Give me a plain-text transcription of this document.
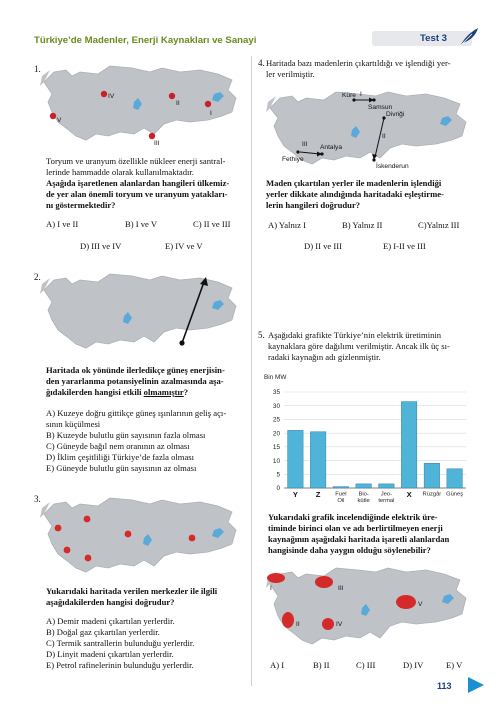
Türkiye’de Madenler, Enerji Kaynakları ve Sanayi	Test 3
1.
IV
II
I
V
III
Toryum ve uranyum özellikle nükleer enerji santral-
lerinde hammadde olarak kullanılmaktadır.
Aşağıda işaretlenen alanlardan hangileri ülkemiz-
de yer alan önemli toryum ve uranyum yatakları-
nı göstermektedir?
A) I ve II	B) I ve V	C) II ve III
D) III ve IV	E) IV ve V
2.
Haritada ok yönünde ilerledikçe güneş enerjisin-
den yararlanma potansiyelinin azalmasında aşa-
ğıdakilerden hangisi etkili olmamıştır?
A) Kuzeye doğru gittikçe güneş ışınlarının geliş açı-
sının küçülmesi
B) Kuzeyde bulutlu gün sayısının fazla olması
C) Güneyde bağıl nem oranının az olması
D) İklim çeşitliliği Türkiye’de fazla olması
E) Güneyde bulutlu gün sayısının az olması
3.
Yukarıdaki haritada verilen merkezler ile ilgili
aşağıdakilerden hangisi doğrudur?
A) Demir madeni çıkartılan yerlerdir.
B) Doğal gaz çıkartılan yerlerdir.
C) Termik santrallerin bulunduğu yerlerdir.
D) Linyit madeni çıkartılan yerlerdir.
E) Petrol rafinelerinin bulunduğu yerlerdir.
4. Haritada bazı madenlerin çıkartıldığı ve işlendiği yer-
ler verilmiştir.
Küre
Samsun
Divriği
Fethiye
Antalya
İskenderun
I
II
III
Maden çıkartılan yerler ile madenlerin işlendiği
yerler dikkate alındığında haritadaki eşleştirme-
lerin hangileri doğrudur?
A) Yalnız I	B) Yalnız II	C)Yalnız III
D) II ve III	E) I-II ve III
5. Aşağıdaki grafikte Türkiye’nin elektrik üretiminin
kaynaklara göre dağılımı verilmiştir. Ancak ilk üç sı-
radaki kaynağın adı gizlenmiştir.
Bin MW
0
5
10
15
20
25
30
35
Y Z	Fuel
Oil
Bio-
kütle
Jeo-
termal
X Rüzgâr Güneş
Yukarıdaki grafik incelendiğinde elektrik üre-
timinde birinci olan ve adı berlirtilmeyen enerji
kaynağının aşağıdaki haritada işaretli alanlardan
hangisinde daha yaygın olduğu söylenebilir?
I
II
III
IV
V
A) I	B) II	C) III	D) IV	E) V
113
